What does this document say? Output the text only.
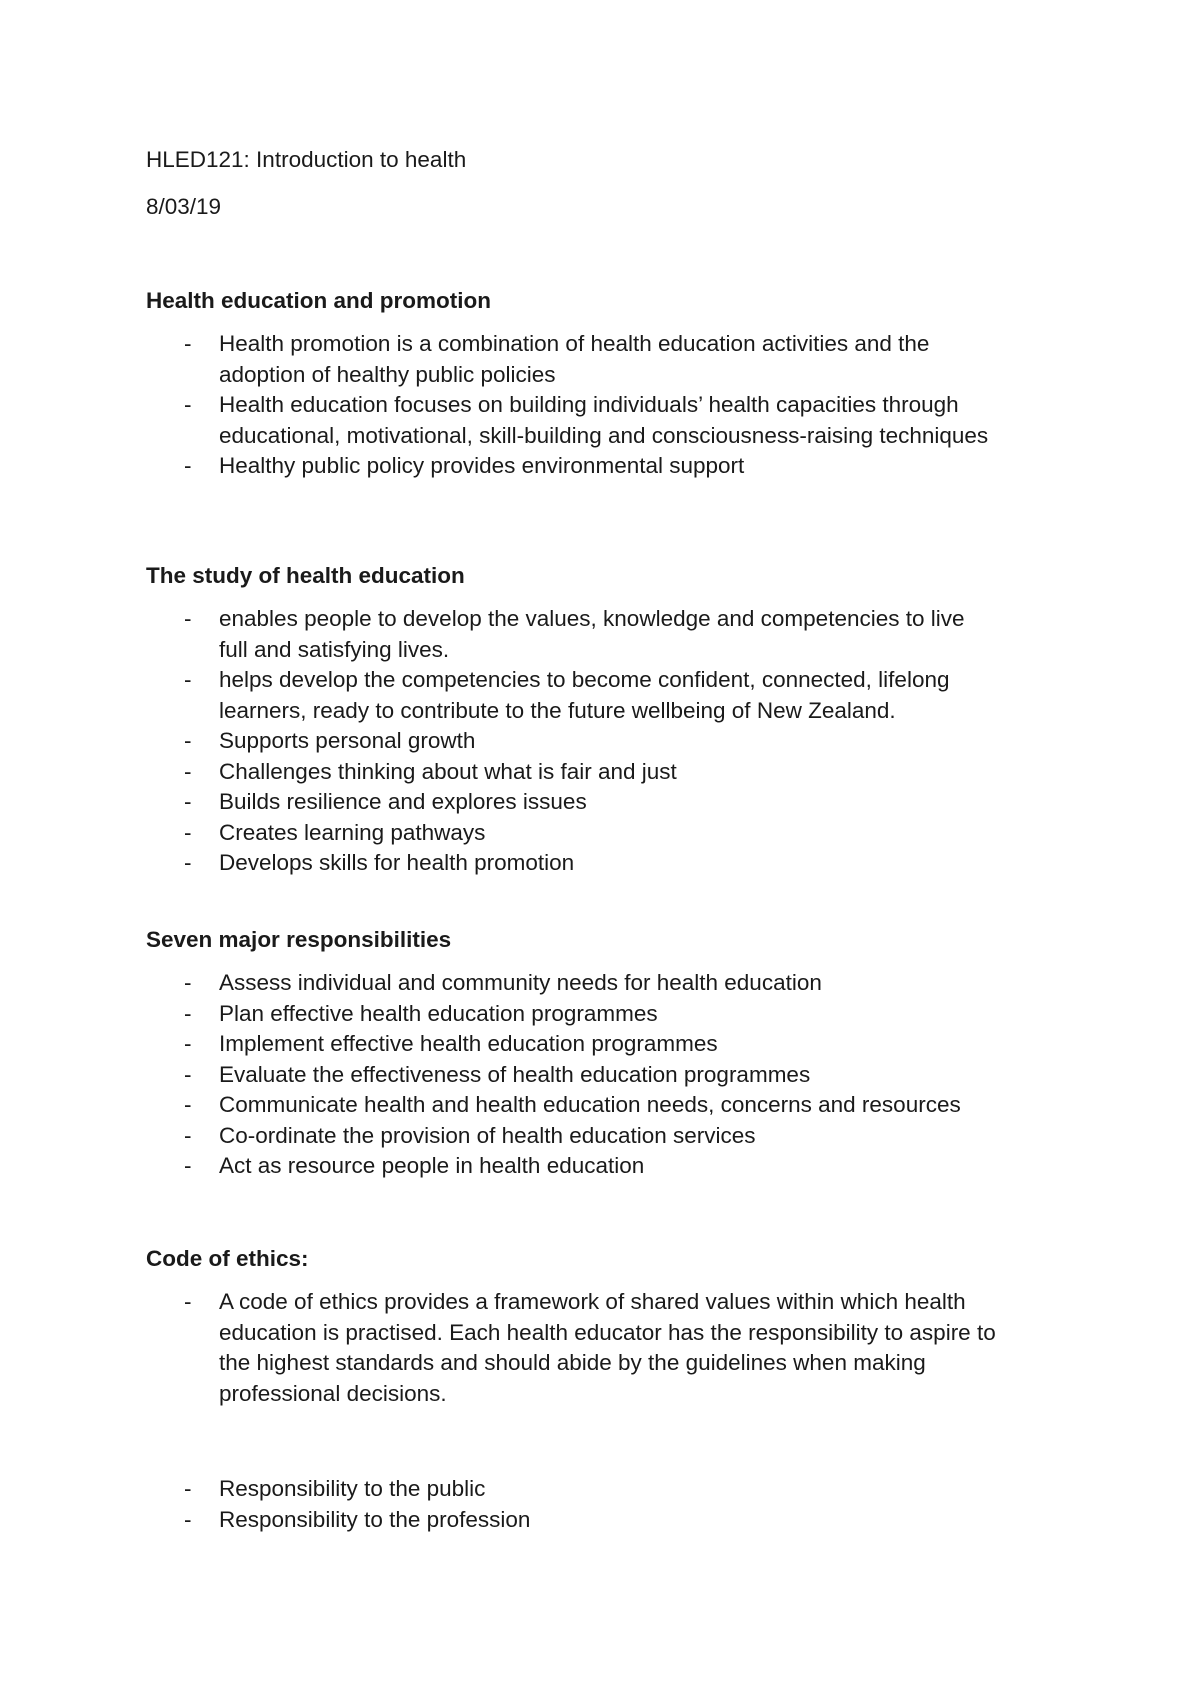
HLED121: Introduction to health

8/03/19

Health education and promotion

- Health promotion is a combination of health education activities and the
adoption of healthy public policies
- Health education focuses on building individuals’ health capacities through
educational, motivational, skill-building and consciousness-raising techniques
- Healthy public policy provides environmental support

The study of health education

- enables people to develop the values, knowledge and competencies to live
full and satisfying lives.
- helps develop the competencies to become confident, connected, lifelong
learners, ready to contribute to the future wellbeing of New Zealand.
- Supports personal growth
- Challenges thinking about what is fair and just
- Builds resilience and explores issues
- Creates learning pathways
- Develops skills for health promotion

Seven major responsibilities

- Assess individual and community needs for health education
- Plan effective health education programmes
- Implement effective health education programmes
- Evaluate the effectiveness of health education programmes
- Communicate health and health education needs, concerns and resources
- Co-ordinate the provision of health education services
- Act as resource people in health education

Code of ethics:

- A code of ethics provides a framework of shared values within which health
education is practised. Each health educator has the responsibility to aspire to
the highest standards and should abide by the guidelines when making
professional decisions.
- Responsibility to the public
- Responsibility to the profession
